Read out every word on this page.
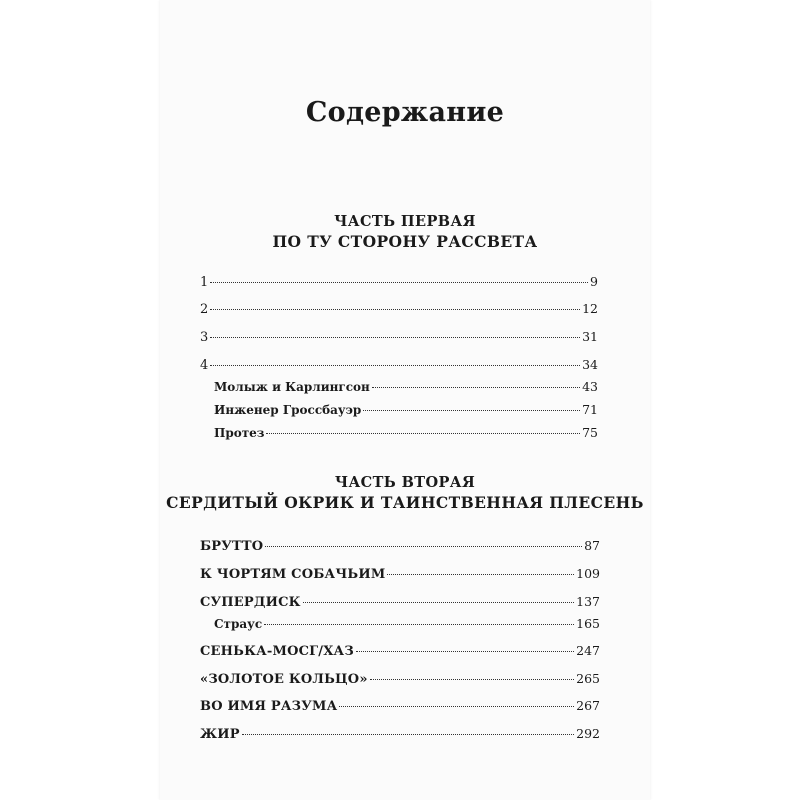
Содержание
ЧАСТЬ ПЕРВАЯ
ПО ТУ СТОРОНУ РАССВЕТА
1	9
2	12
3	31
4	34
Молыж и Карлингсон	43
Инженер Гроссбауэр	71
Протез	75
ЧАСТЬ ВТОРАЯ
СЕРДИТЫЙ ОКРИК И ТАИНСТВЕННАЯ ПЛЕСЕНЬ
БРУТТО	87
К ЧОРТЯМ СОБАЧЬИМ	109
СУПЕРДИСК	137
Страус	165
СЕНЬКА-МОСГ/ХАЗ	247
«ЗОЛОТОЕ КОЛЬЦО»	265
ВО ИМЯ РАЗУМА	267
ЖИР	292
